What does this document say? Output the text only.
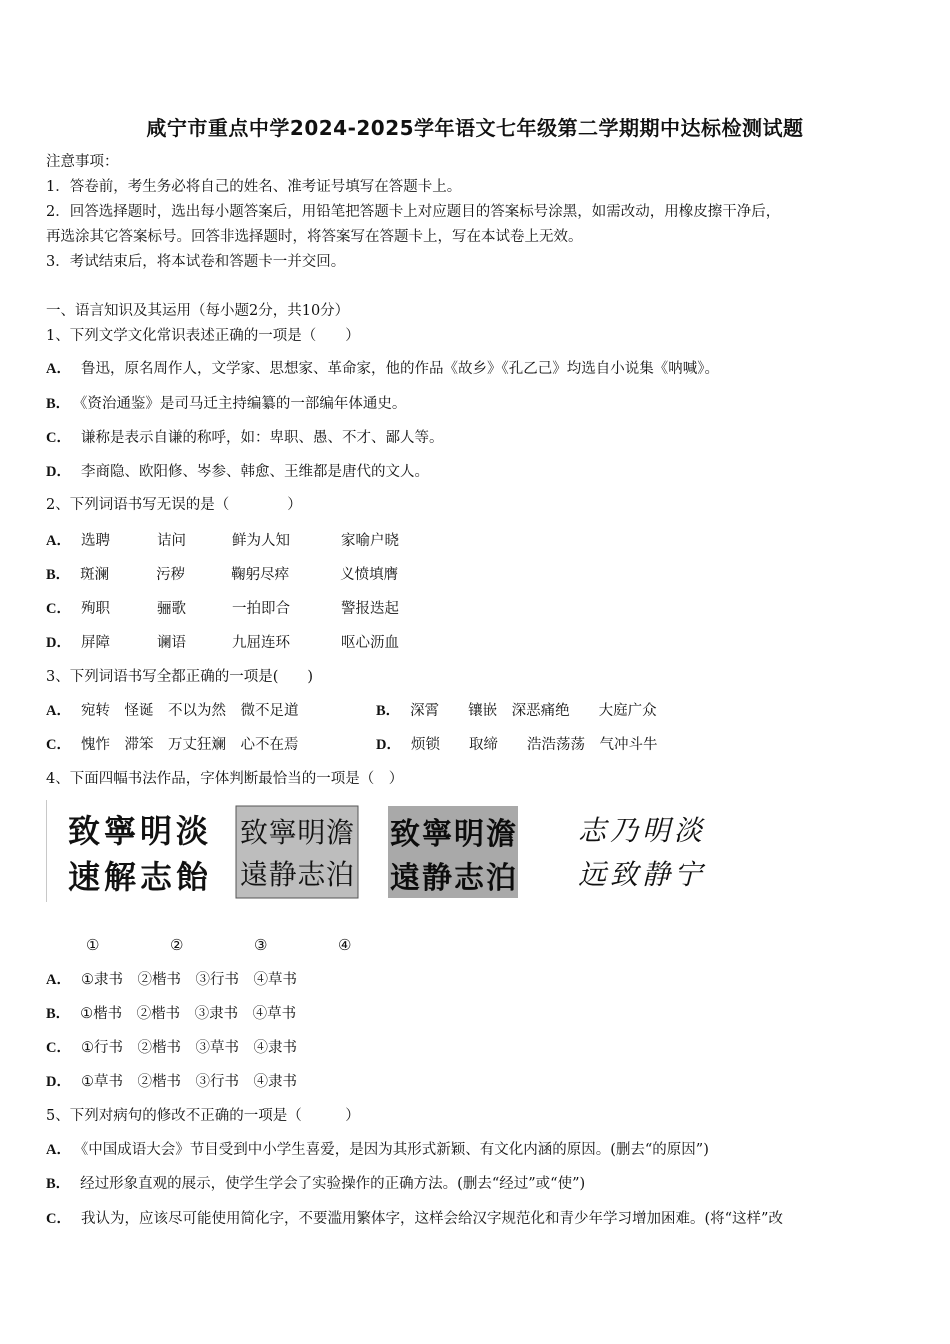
咸宁市重点中学2024-2025学年语文七年级第二学期期中达标检测试题
注意事项：
1．答卷前，考生务必将自己的姓名、准考证号填写在答题卡上。
2．回答选择题时，选出每小题答案后，用铅笔把答题卡上对应题目的答案标号涂黑，如需改动，用橡皮擦干净后，
再选涂其它答案标号。回答非选择题时，将答案写在答题卡上，写在本试卷上无效。
3．考试结束后，将本试卷和答题卡一并交回。
一、语言知识及其运用（每小题2分，共10分）
1、下列文学文化常识表述正确的一项是（　　）
A． 鲁迅，原名周作人，文学家、思想家、革命家，他的作品《故乡》《孔乙己》均选自小说集《呐喊》。
B． 《资治通鉴》是司马迁主持编纂的一部编年体通史。
C． 谦称是表示自谦的称呼，如：卑职、愚、不才、鄙人等。
D． 李商隐、欧阳修、岑参、韩愈、王维都是唐代的文人。
2、下列词语书写无误的是（　　　　）
A． 选聘	诘问	鲜为人知	家喻户晓
B． 斑澜	污秽	鞠躬尽瘁	义愤填膺
C． 殉职	骊歌	一拍即合	警报迭起
D． 屏障	谰语	九屈连环	呕心沥血
3、下列词语书写全都正确的一项是(　　)
A． 宛转　怪诞　不以为然　微不足道	B． 深霄　　镶嵌　深恶痛绝　　大庭广众
C． 愧怍　滞笨　万丈狂斓　心不在焉	D． 烦锁　　取缔　　浩浩荡荡　气冲斗牛
4、下面四幅书法作品，字体判断最恰当的一项是（　）
致寧明淡
速解志飴
致寧明澹
遠静志泊
致寧明澹
遠静志泊
志乃明淡
远致静宁
①	②	③	④
A． ①隶书　②楷书　③行书　④草书
B． ①楷书　②楷书　③隶书　④草书
C． ①行书　②楷书　③草书　④隶书
D． ①草书　②楷书　③行书　④隶书
5、下列对病句的修改不正确的一项是（　　　）
A． 《中国成语大会》节目受到中小学生喜爱，是因为其形式新颖、有文化内涵的原因。(删去“的原因”)
B． 经过形象直观的展示，使学生学会了实验操作的正确方法。(删去“经过”或“使”)
C． 我认为，应该尽可能使用简化字，不要滥用繁体字，这样会给汉字规范化和青少年学习增加困难。(将“这样”改
